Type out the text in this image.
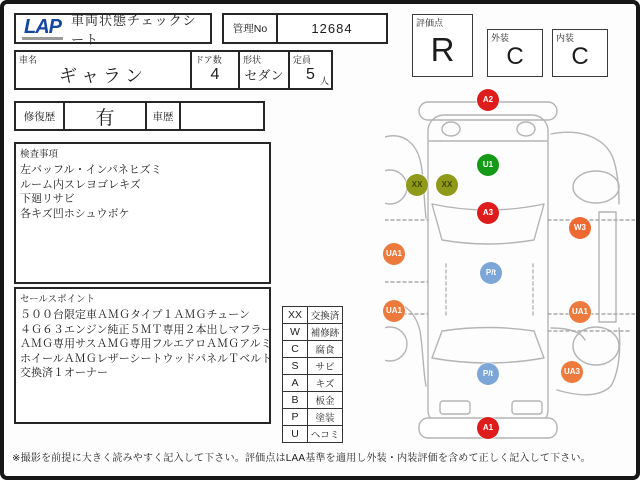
LAP 車両状態チェックシート
管理No	12684	評価点
R	外装
C
内装
C
車名
ギャラン
ドア数
4
形状
セダン
定員
5 人
修復歴	有	車歴
検査事項
左バッフル・インパネヒズミ
ルーム内スレヨゴレキズ
下廻リサビ
各キズ凹ホシュウボケ
セールスポイント
５００台限定車ＡＭＧタイプ１ＡＭＧチューン
４Ｇ６３エンジン純正５ＭＴ専用２本出しマフラー
ＡＭＧ専用サスＡＭＧ専用フルエアロＡＭＧアルミ
ホイールＡＭＧレザーシートウッドパネルＴベルト
交換済１オーナー
XX 交換済
W	補修跡
C	腐食
S	サビ
A	キズ
B	板金
P	塗装
U	ヘコミ
A2
U1
XX	XX
A3
W3
UA1
P/t
UA1	UA1
UA3
P/t
A1
※撮影を前提に大きく読みやすく記入して下さい。評価点はLAA基準を適用し外装・内装評価を含めて正しく記入して下さい。
